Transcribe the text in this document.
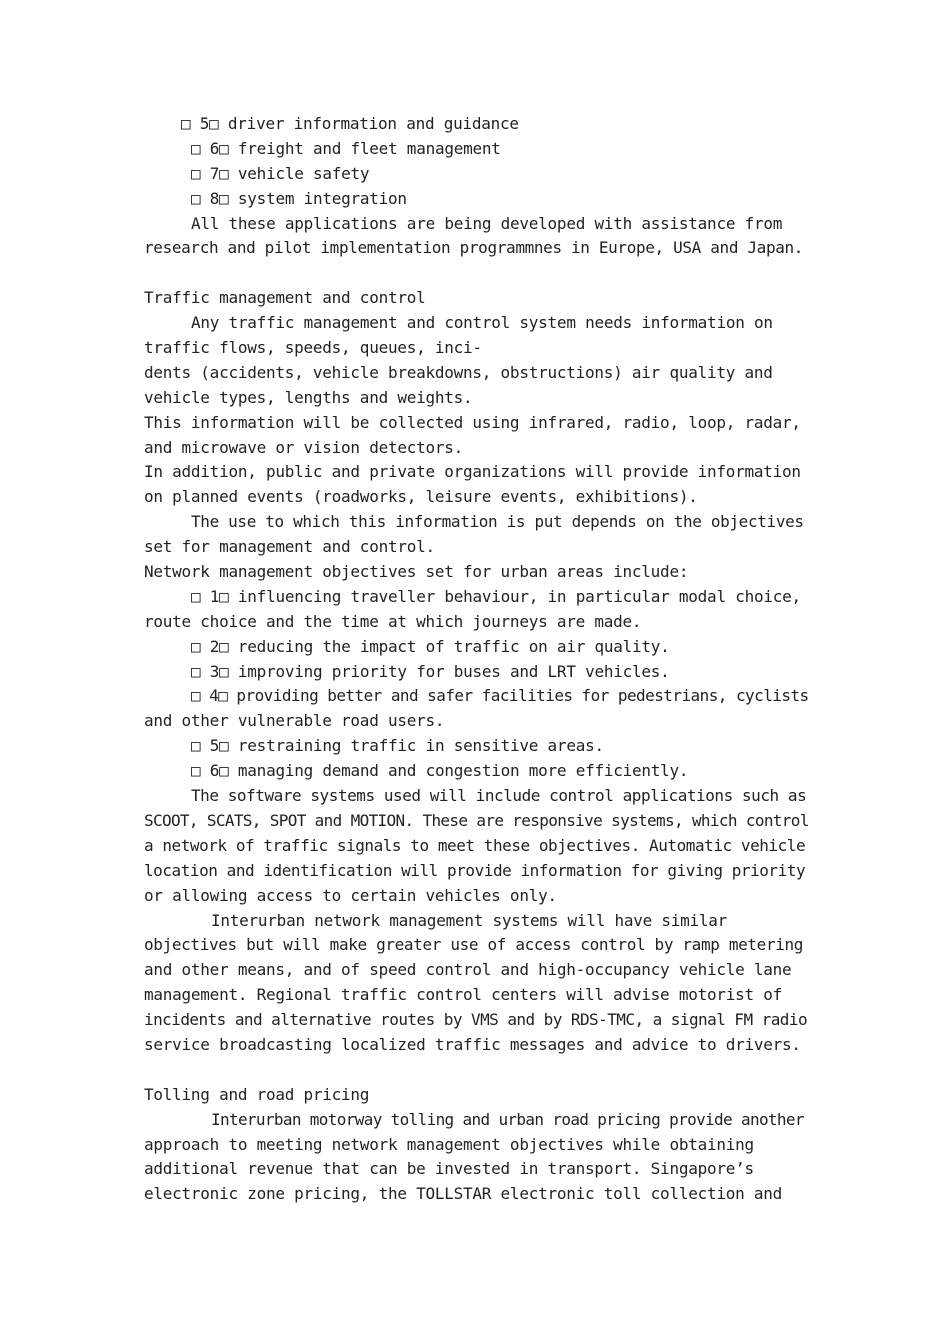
□ 5□ driver information and guidance
□ 6□ freight and fleet management
□ 7□ vehicle safety
□ 8□ system integration
All these applications are being developed with assistance from
research and pilot implementation programmnes in Europe, USA and Japan.
Traffic management and control
Any traffic management and control system needs information on
traffic flows, speeds, queues, inci-
dents (accidents, vehicle breakdowns, obstructions) air quality and
vehicle types, lengths and weights.
This information will be collected using infrared, radio, loop, radar,
and microwave or vision detectors.
In addition, public and private organizations will provide information
on planned events (roadworks, leisure events, exhibitions).
The use to which this information is put depends on the objectives
set for management and control.
Network management objectives set for urban areas include:
□ 1□ influencing traveller behaviour, in particular modal choice,
route choice and the time at which journeys are made.
□ 2□ reducing the impact of traffic on air quality.
□ 3□ improving priority for buses and LRT vehicles.
□ 4□ providing better and safer facilities for pedestrians, cyclists
and other vulnerable road users.
□ 5□ restraining traffic in sensitive areas.
□ 6□ managing demand and congestion more efficiently.
The software systems used will include control applications such as
SCOOT, SCATS, SPOT and MOTION. These are responsive systems, which control
a network of traffic signals to meet these objectives. Automatic vehicle
location and identification will provide information for giving priority
or allowing access to certain vehicles only.
Interurban network management systems will have similar
objectives but will make greater use of access control by ramp metering
and other means, and of speed control and high-occupancy vehicle lane
management. Regional traffic control centers will advise motorist of
incidents and alternative routes by VMS and by RDS-TMC, a signal FM radio
service broadcasting localized traffic messages and advice to drivers.
Tolling and road pricing
Interurban motorway tolling and urban road pricing provide another
approach to meeting network management objectives while obtaining
additional revenue that can be invested in transport. Singapore’s
electronic zone pricing, the TOLLSTAR electronic toll collection and
